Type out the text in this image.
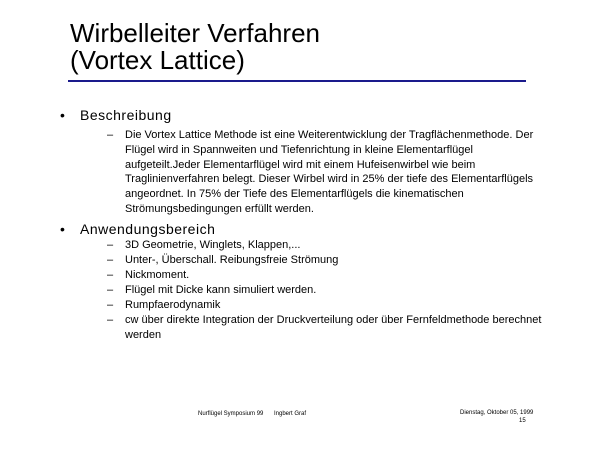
Wirbelleiter Verfahren
(Vortex Lattice)
• Beschreibung
– Die Vortex Lattice Methode ist eine Weiterentwicklung der Tragflächenmethode. Der Flügel wird in Spannweiten und Tiefenrichtung in kleine Elementarflügel aufgeteilt.Jeder Elementarflügel wird mit einem Hufeisenwirbel wie beim Traglinienverfahren belegt. Dieser Wirbel wird in 25% der tiefe des Elementarflügels angeordnet. In 75% der Tiefe des Elementarflügels die kinematischen Strömungsbedingungen erfüllt werden.
• Anwendungsbereich
– 3D Geometrie, Winglets, Klappen,...
– Unter-, Überschall. Reibungsfreie Strömung
– Nickmoment.
– Flügel mit Dicke kann simuliert werden.
– Rumpfaerodynamik
– cw über direkte Integration der Druckverteilung oder über Fernfeldmethode berechnet werden
Nurflügel Symposium 99 Ingbert Graf	Dienstag, Oktober 05, 1999
15
